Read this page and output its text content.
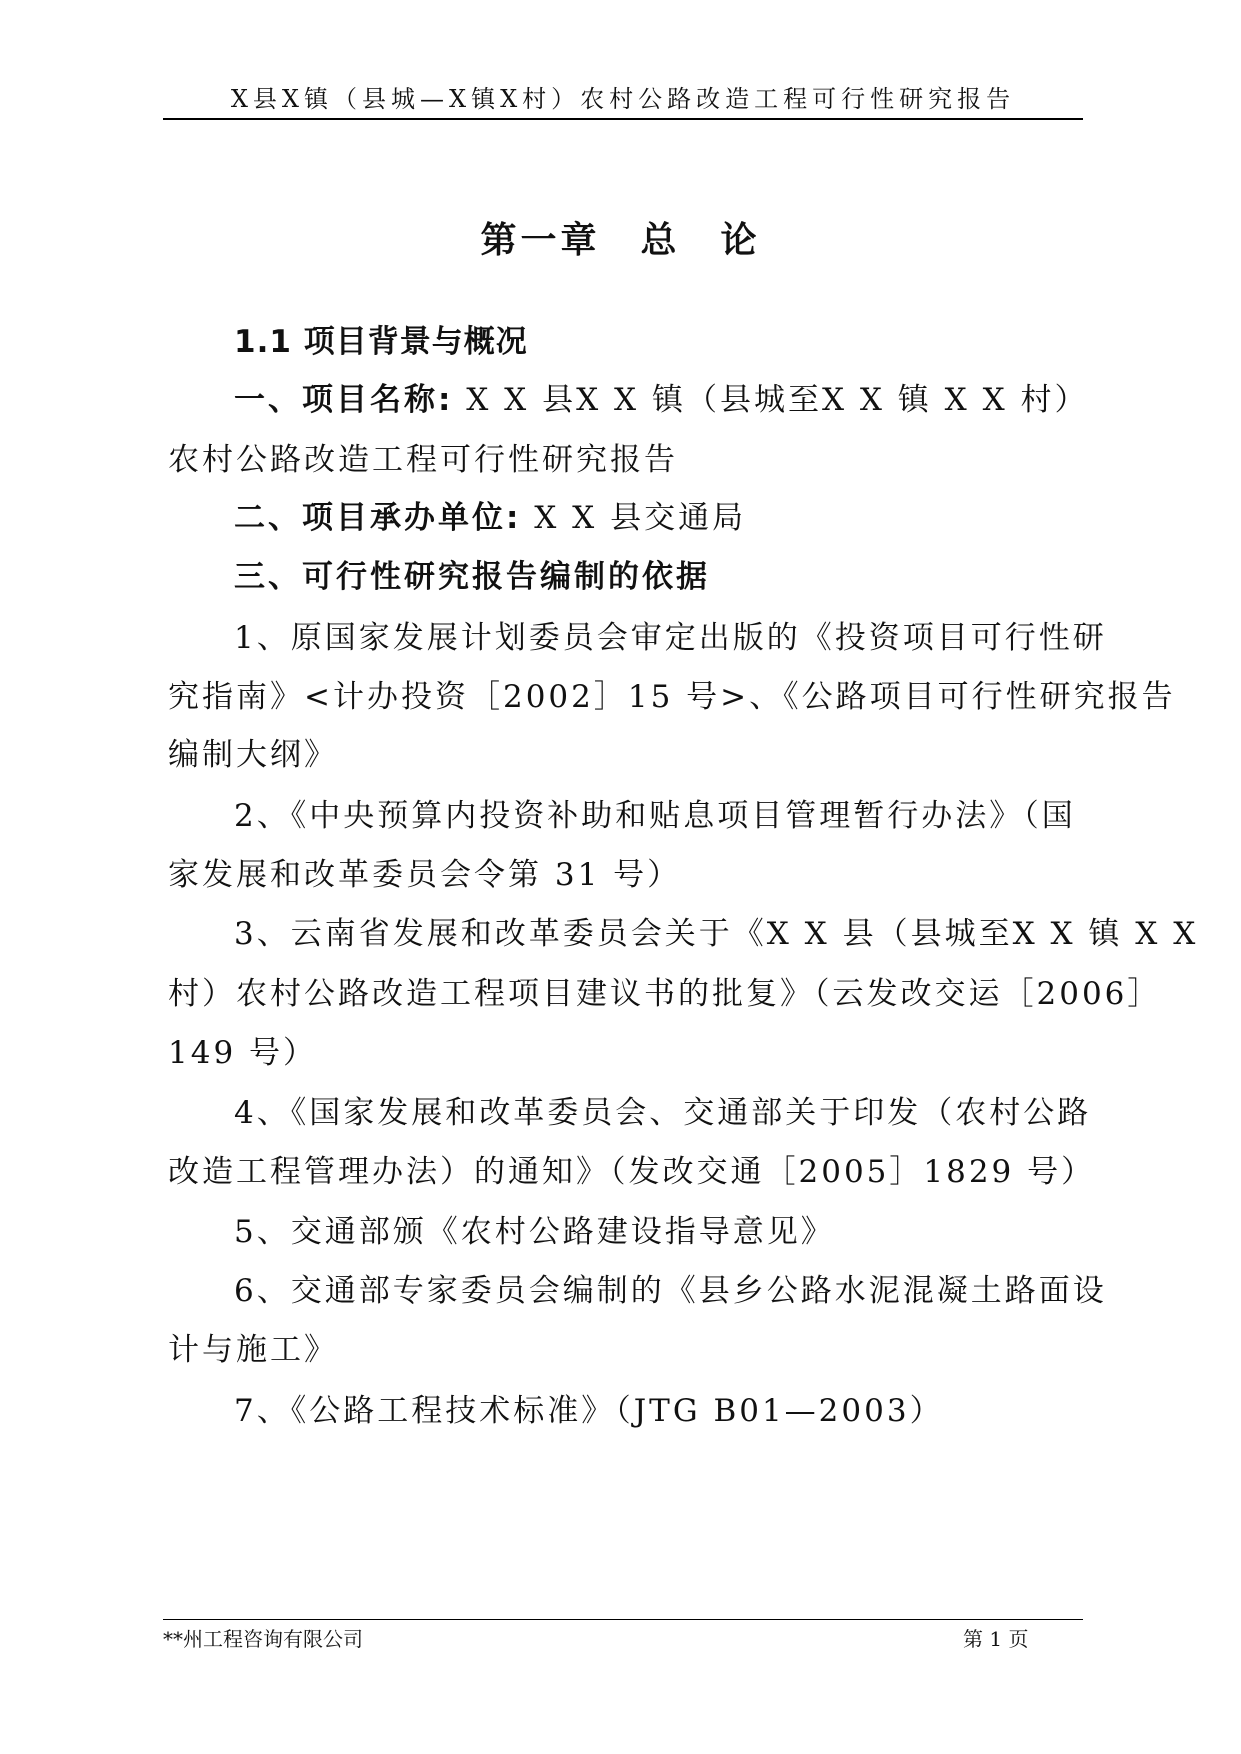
X县X镇（县城—X镇X村）农村公路改造工程可行性研究报告
第一章　总　论
1.1 项目背景与概况
一、项目名称: X X 县X X 镇（县城至X X 镇 X X 村）
农村公路改造工程可行性研究报告
二、项目承办单位: X X 县交通局
三、可行性研究报告编制的依据
1、原国家发展计划委员会审定出版的《投资项目可行性研
究指南》<计办投资［2002］15 号>、《公路项目可行性研究报告
编制大纲》
2、《中央预算内投资补助和贴息项目管理暂行办法》（国
家发展和改革委员会令第 31 号）
3、云南省发展和改革委员会关于《X X 县（县城至X X 镇 X X
村）农村公路改造工程项目建议书的批复》（云发改交运［2006］
149 号）
4、《国家发展和改革委员会、交通部关于印发（农村公路
改造工程管理办法）的通知》（发改交通［2005］1829 号）
5、交通部颁《农村公路建设指导意见》
6、交通部专家委员会编制的《县乡公路水泥混凝土路面设
计与施工》
7、《公路工程技术标准》（JTG B01—2003）
**州工程咨询有限公司	第 1 页
